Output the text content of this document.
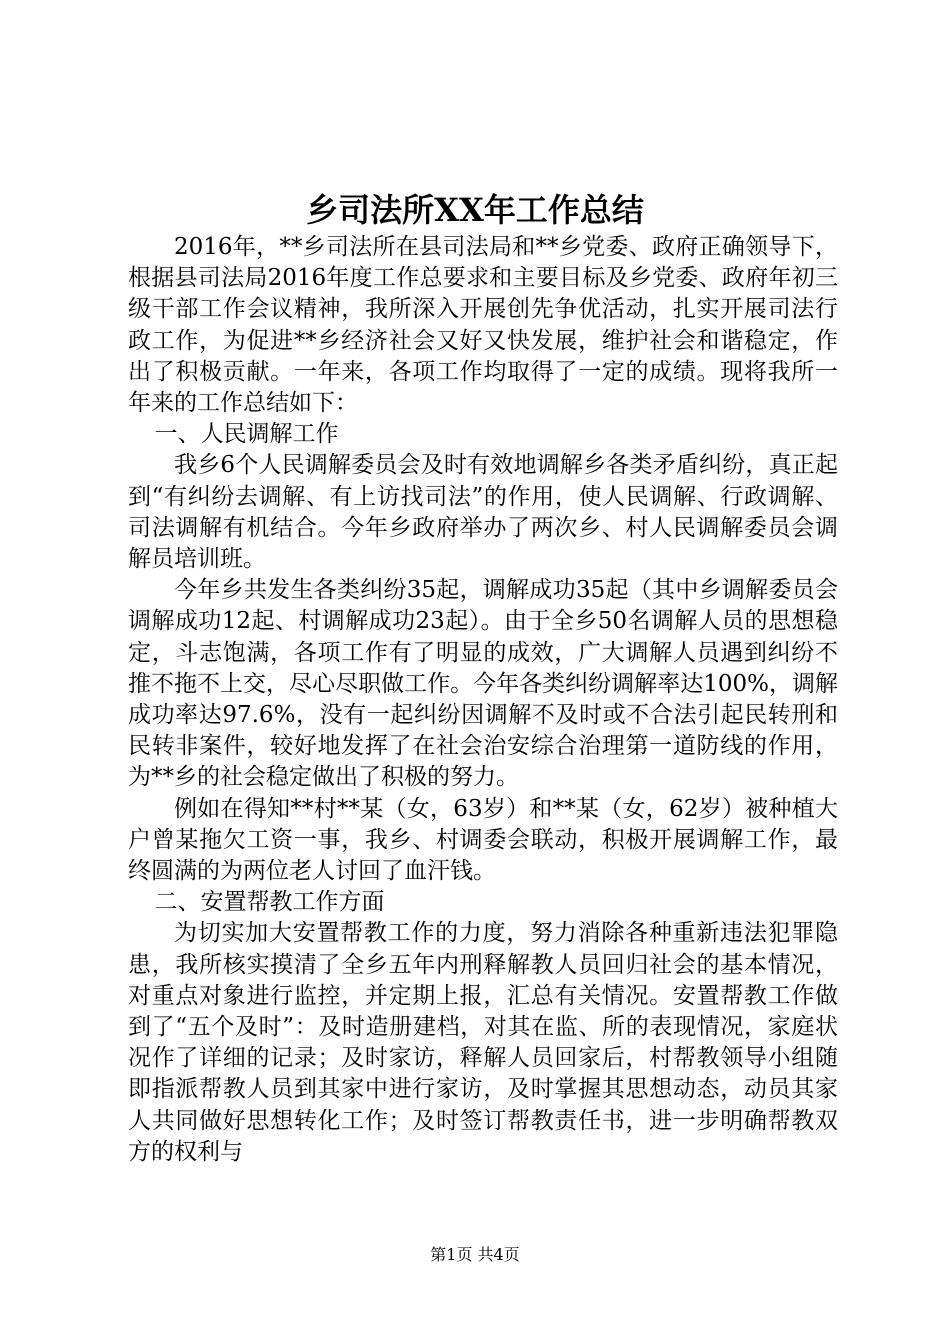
乡司法所XX年工作总结

2016年，**乡司法所在县司法局和**乡党委、政府正确领导下，根据县司法局2016年度工作总要求和主要目标及乡党委、政府年初三级干部工作会议精神，我所深入开展创先争优活动，扎实开展司法行政工作，为促进**乡经济社会又好又快发展，维护社会和谐稳定，作出了积极贡献。一年来，各项工作均取得了一定的成绩。现将我所一年来的工作总结如下：

一、人民调解工作

我乡6个人民调解委员会及时有效地调解乡各类矛盾纠纷，真正起到“有纠纷去调解、有上访找司法”的作用，使人民调解、行政调解、司法调解有机结合。今年乡政府举办了两次乡、村人民调解委员会调解员培训班。

今年乡共发生各类纠纷35起，调解成功35起（其中乡调解委员会调解成功12起、村调解成功23起）。由于全乡50名调解人员的思想稳定，斗志饱满，各项工作有了明显的成效，广大调解人员遇到纠纷不推不拖不上交，尽心尽职做工作。今年各类纠纷调解率达100%，调解成功率达97.6%，没有一起纠纷因调解不及时或不合法引起民转刑和民转非案件，较好地发挥了在社会治安综合治理第一道防线的作用，为**乡的社会稳定做出了积极的努力。

例如在得知**村**某（女，63岁）和**某（女，62岁）被种植大户曾某拖欠工资一事，我乡、村调委会联动，积极开展调解工作，最终圆满的为两位老人讨回了血汗钱。

二、安置帮教工作方面

为切实加大安置帮教工作的力度，努力消除各种重新违法犯罪隐患，我所核实摸清了全乡五年内刑释解教人员回归社会的基本情况，对重点对象进行监控，并定期上报，汇总有关情况。安置帮教工作做到了“五个及时”：及时造册建档，对其在监、所的表现情况，家庭状况作了详细的记录；及时家访，释解人员回家后，村帮教领导小组随即指派帮教人员到其家中进行家访，及时掌握其思想动态，动员其家人共同做好思想转化工作；及时签订帮教责任书，进一步明确帮教双方的权利与

第1页 共4页
